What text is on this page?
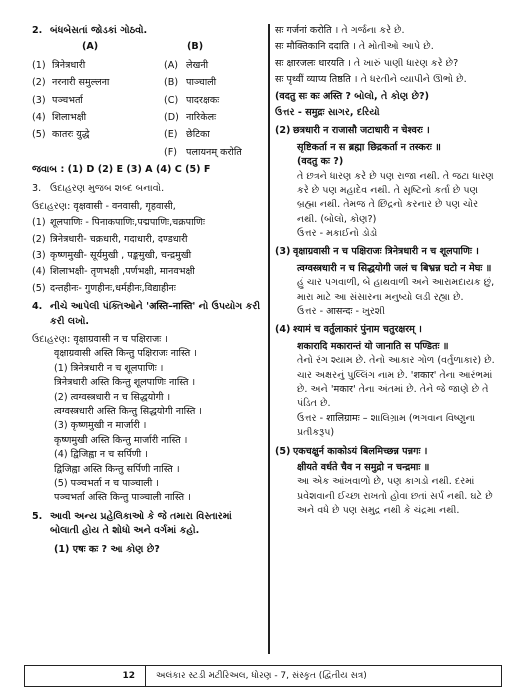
2. બંધબેસતાં જોડકાં ગોઠવો.
(A)	(B)
(1) त्रिनेत्रधारी	(A) लेखनी
(2) नरनारी समुल्लना	(B) पाञ्चाली
(3) पञ्चभर्ता	(C) पादरक्षकः
(4) शिलाभक्षी	(D) नारिकेलः
(5) कातरः युद्धे	(E) छेटिका
(F) पलायनम् करोति
જવાબ : (1) D (2) E (3) A (4) C (5) F
3. ઉદાહરણ મુજબ શબ્દ બનાવો.
ઉદાહરણ: वृक्षवासी - वनवासी, गृहवासी,
(1) शूलपाणिः - पिनाकपाणिः,पद्मपाणिः,चक्रपाणिः
(2) त्रिनेत्रधारी- चक्रधारी, गदाधारी, दण्डधारी
(3) कृष्णमुखी- सूर्यमुखी , पङ्कमुखी, चन्द्रमुखी
(4) शिलाभक्षी- तृणभक्षी ,पर्णभक्षी, मानवभक्षी
(5) दन्तहीनः- गुणहीनः,धर्महीनः,विद्याहीनः
4. નીચે આપેલી પંક્તિઓને 'अस्ति–नास्ति' નો ઉપયોગ કરી કરી લખો.
ઉદાહરણ: वृक्षाग्रवासी न च पक्षिराजः ।
वृक्षाग्रवासी अस्ति किन्तु पक्षिराजः नास्ति ।
(1) त्रिनेत्रधारी न च शूलपाणिः ।
त्रिनेत्रधारी अस्ति किन्तु शूलपाणिः नास्ति ।
(2) त्वग्वस्त्रधारी न च सिद्धयोगी ।
त्वग्वस्त्रधारी अस्ति किन्तु सिद्धयोगी नास्ति ।
(3) कृष्णमुखी न मार्जारी ।
कृष्णमुखी अस्ति किन्तु मार्जारी नास्ति ।
(4) द्विजिह्वा न च सर्पिणी ।
द्विजिह्वा अस्ति किन्तु सर्पिणी नास्ति ।
(5) पञ्चभर्ता न च पाञ्चाली ।
पञ्चभर्ता अस्ति किन्तु पाञ्चाली नास्ति ।
5. આવી અન્ય પ્રહેલિકાઓ કે જે તમારા વિસ્તારમાં બોલાતી હોય તે શોધો અને વર્ગમાં કહો.
(1) एषः कः ? આ કોણ છે?

सः गर्जनां करोति । તે ગર્જના કરે છે.

सः मौक्तिकानि ददाति । તે મોતીઓ આપે છે.

सः क्षारजलः धारयति । તે ખારું પાણી ધારણ કરે છે?

सः पृथ्वीं व्याप्य तिष्ठति । તે ધરતીને વ્યાપીને ઊભો છે.

(वदतु सः कः अस्ति ? બોલો, તે કોણ છે?)

ઉત્તર - समुद्रः સાગર, દરિયો

(2) छत्रधारी न राजासौ जटाधारी न चेश्वरः ।
सृष्टिकर्ता न स ब्रह्मा छिद्रकर्ता न तस्करः ॥
(वदतु कः ?)
તે છત્રને ધારણ કરે છે પણ રાજા નથી. તે જટા ધારણ કરે છે પણ મહાદેવ નથી. તે સૃષ્ટિનો કર્તા છે પણ બ્રહ્મા નથી. તેમજ તે છિદ્રનો કરનાર છે પણ ચોર નથી. (બોલો, કોણ?)
ઉત્તર - મકાઈનો ડોડો
(3) वृक्षाग्रवासी न च पक्षिराजः त्रिनेत्रधारी न च शूलपाणिः ।
त्वग्वस्त्रधारी न च सिद्धयोगी जलं च बिभ्रन्न घटो न मेघः ॥
હું ચાર પગવાળી, બે હાથવાળી અને આરામદાયક છું, મારા માટે આ સંસારના મનુષ્યો લડી રહ્યા છે.
ઉત્તર - आसन्दः - ખુરશી
(4) श्यामं च वर्तुलाकारं पुंनाम चतुरक्षरम् ।
शकारादि मकारान्तं यो जानाति स पण्डितः ॥
તેનો રંગ શ્યામ છે. તેનો આકાર ગોળ (વર્તુળાકાર) છે. ચાર અક્ષરનું પુલ્લિંગ નામ છે. 'शकार' તેના આરંભમાં છે. અને 'मकार' તેના અંતમાં છે. તેને જે જાણે છે તે પંડિત છે.
ઉત્તર - शालिग्रामः – શાલિગ્રામ (ભગવાન વિષ્ણુના પ્રતીકરૂપ)
(5) एकचक्षुर्न काकोऽयं बिलमिच्छन्न पन्नगः ।
क्षीयते वर्धते चैव न समुद्रो न चन्द्रमाः ॥
આ એક આંખવાળો છે, પણ કાગડો નથી. દરમાં પ્રવેશવાની ઈચ્છા રાખતો હોવા છતાં સર્પ નથી. ઘટે છે અને વધે છે પણ સમુદ્ર નથી કે ચંદ્રમા નથી.
12	અલંકાર સ્ટડી મટીરિઅલ, ધોરણ - 7, સંસ્કૃત (દ્વિતીય સત્ર)
